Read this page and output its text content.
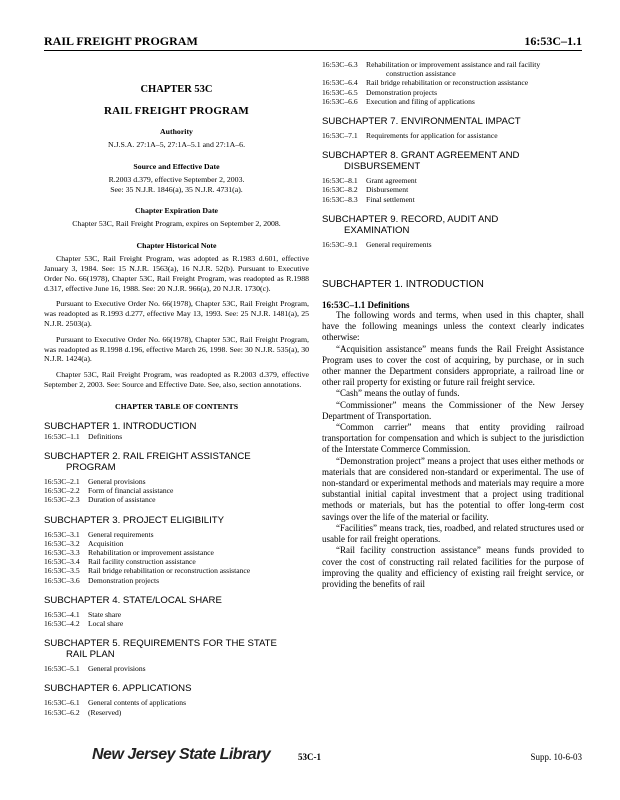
RAIL FREIGHT PROGRAM	16:53C–1.1
CHAPTER 53C
RAIL FREIGHT PROGRAM
Authority
N.J.S.A. 27:1A–5, 27:1A–5.1 and 27:1A–6.
Source and Effective Date
R.2003 d.379, effective September 2, 2003.
See: 35 N.J.R. 1846(a), 35 N.J.R. 4731(a).
Chapter Expiration Date
Chapter 53C, Rail Freight Program, expires on September 2, 2008.
Chapter Historical Note
Chapter 53C, Rail Freight Program, was adopted as R.1983 d.601, effective January 3, 1984. See: 15 N.J.R. 1563(a), 16 N.J.R. 52(b). Pursuant to Executive Order No. 66(1978), Chapter 53C, Rail Freight Program, was readopted as R.1988 d.317, effective June 16, 1988. See: 20 N.J.R. 966(a), 20 N.J.R. 1730(c).
Pursuant to Executive Order No. 66(1978), Chapter 53C, Rail Freight Program, was readopted as R.1993 d.277, effective May 13, 1993. See: 25 N.J.R. 1481(a), 25 N.J.R. 2503(a).
Pursuant to Executive Order No. 66(1978), Chapter 53C, Rail Freight Program, was readopted as R.1998 d.196, effective March 26, 1998. See: 30 N.J.R. 535(a), 30 N.J.R. 1424(a).
Chapter 53C, Rail Freight Program, was readopted as R.2003 d.379, effective September 2, 2003. See: Source and Effective Date. See, also, section annotations.
CHAPTER TABLE OF CONTENTS
SUBCHAPTER 1. INTRODUCTION
16:53C–1.1	Definitions
SUBCHAPTER 2. RAIL FREIGHT ASSISTANCE
PROGRAM
16:53C–2.1	General provisions
16:53C–2.2	Form of financial assistance
16:53C–2.3	Duration of assistance
SUBCHAPTER 3. PROJECT ELIGIBILITY
16:53C–3.1	General requirements
16:53C–3.2	Acquisition
16:53C–3.3	Rehabilitation or improvement assistance
16:53C–3.4	Rail facility construction assistance
16:53C–3.5	Rail bridge rehabilitation or reconstruction assistance
16:53C–3.6	Demonstration projects
SUBCHAPTER 4. STATE/LOCAL SHARE
16:53C–4.1	State share
16:53C–4.2	Local share
SUBCHAPTER 5. REQUIREMENTS FOR THE STATE
RAIL PLAN
16:53C–5.1	General provisions
SUBCHAPTER 6. APPLICATIONS
16:53C–6.1	General contents of applications
16:53C–6.2	(Reserved)
16:53C–6.3	Rehabilitation or improvement assistance and rail facility
construction assistance
16:53C–6.4	Rail bridge rehabilitation or reconstruction assistance
16:53C–6.5	Demonstration projects
16:53C–6.6	Execution and filing of applications
SUBCHAPTER 7. ENVIRONMENTAL IMPACT
16:53C–7.1	Requirements for application for assistance
SUBCHAPTER 8. GRANT AGREEMENT AND
DISBURSEMENT
16:53C–8.1	Grant agreement
16:53C–8.2	Disbursement
16:53C–8.3	Final settlement
SUBCHAPTER 9. RECORD, AUDIT AND
EXAMINATION
16:53C–9.1	General requirements
SUBCHAPTER 1. INTRODUCTION
16:53C–1.1 Definitions

The following words and terms, when used in this chapter, shall have the following meanings unless the context clearly indicates otherwise:

“Acquisition assistance” means funds the Rail Freight Assistance Program uses to cover the cost of acquiring, by purchase, or in such other manner the Department considers appropriate, a railroad line or other rail property for existing or future rail freight service.

“Cash” means the outlay of funds.

“Commissioner” means the Commissioner of the New Jersey Department of Transportation.

“Common carrier” means that entity providing railroad transportation for compensation and which is subject to the jurisdiction of the Interstate Commerce Commission.

“Demonstration project” means a project that uses either methods or materials that are considered non-standard or experimental. The use of non-standard or experimental methods and materials may require a more substantial initial capital investment that a project using traditional methods or materials, but has the potential to offer long-term cost savings over the life of the material or facility.

“Facilities” means track, ties, roadbed, and related structures used or usable for rail freight operations.

“Rail facility construction assistance” means funds provided to cover the cost of constructing rail related facilities for the purpose of improving the quality and efficiency of existing rail freight service, or providing the benefits of rail

New Jersey State Library	53C-1	Supp. 10-6-03
